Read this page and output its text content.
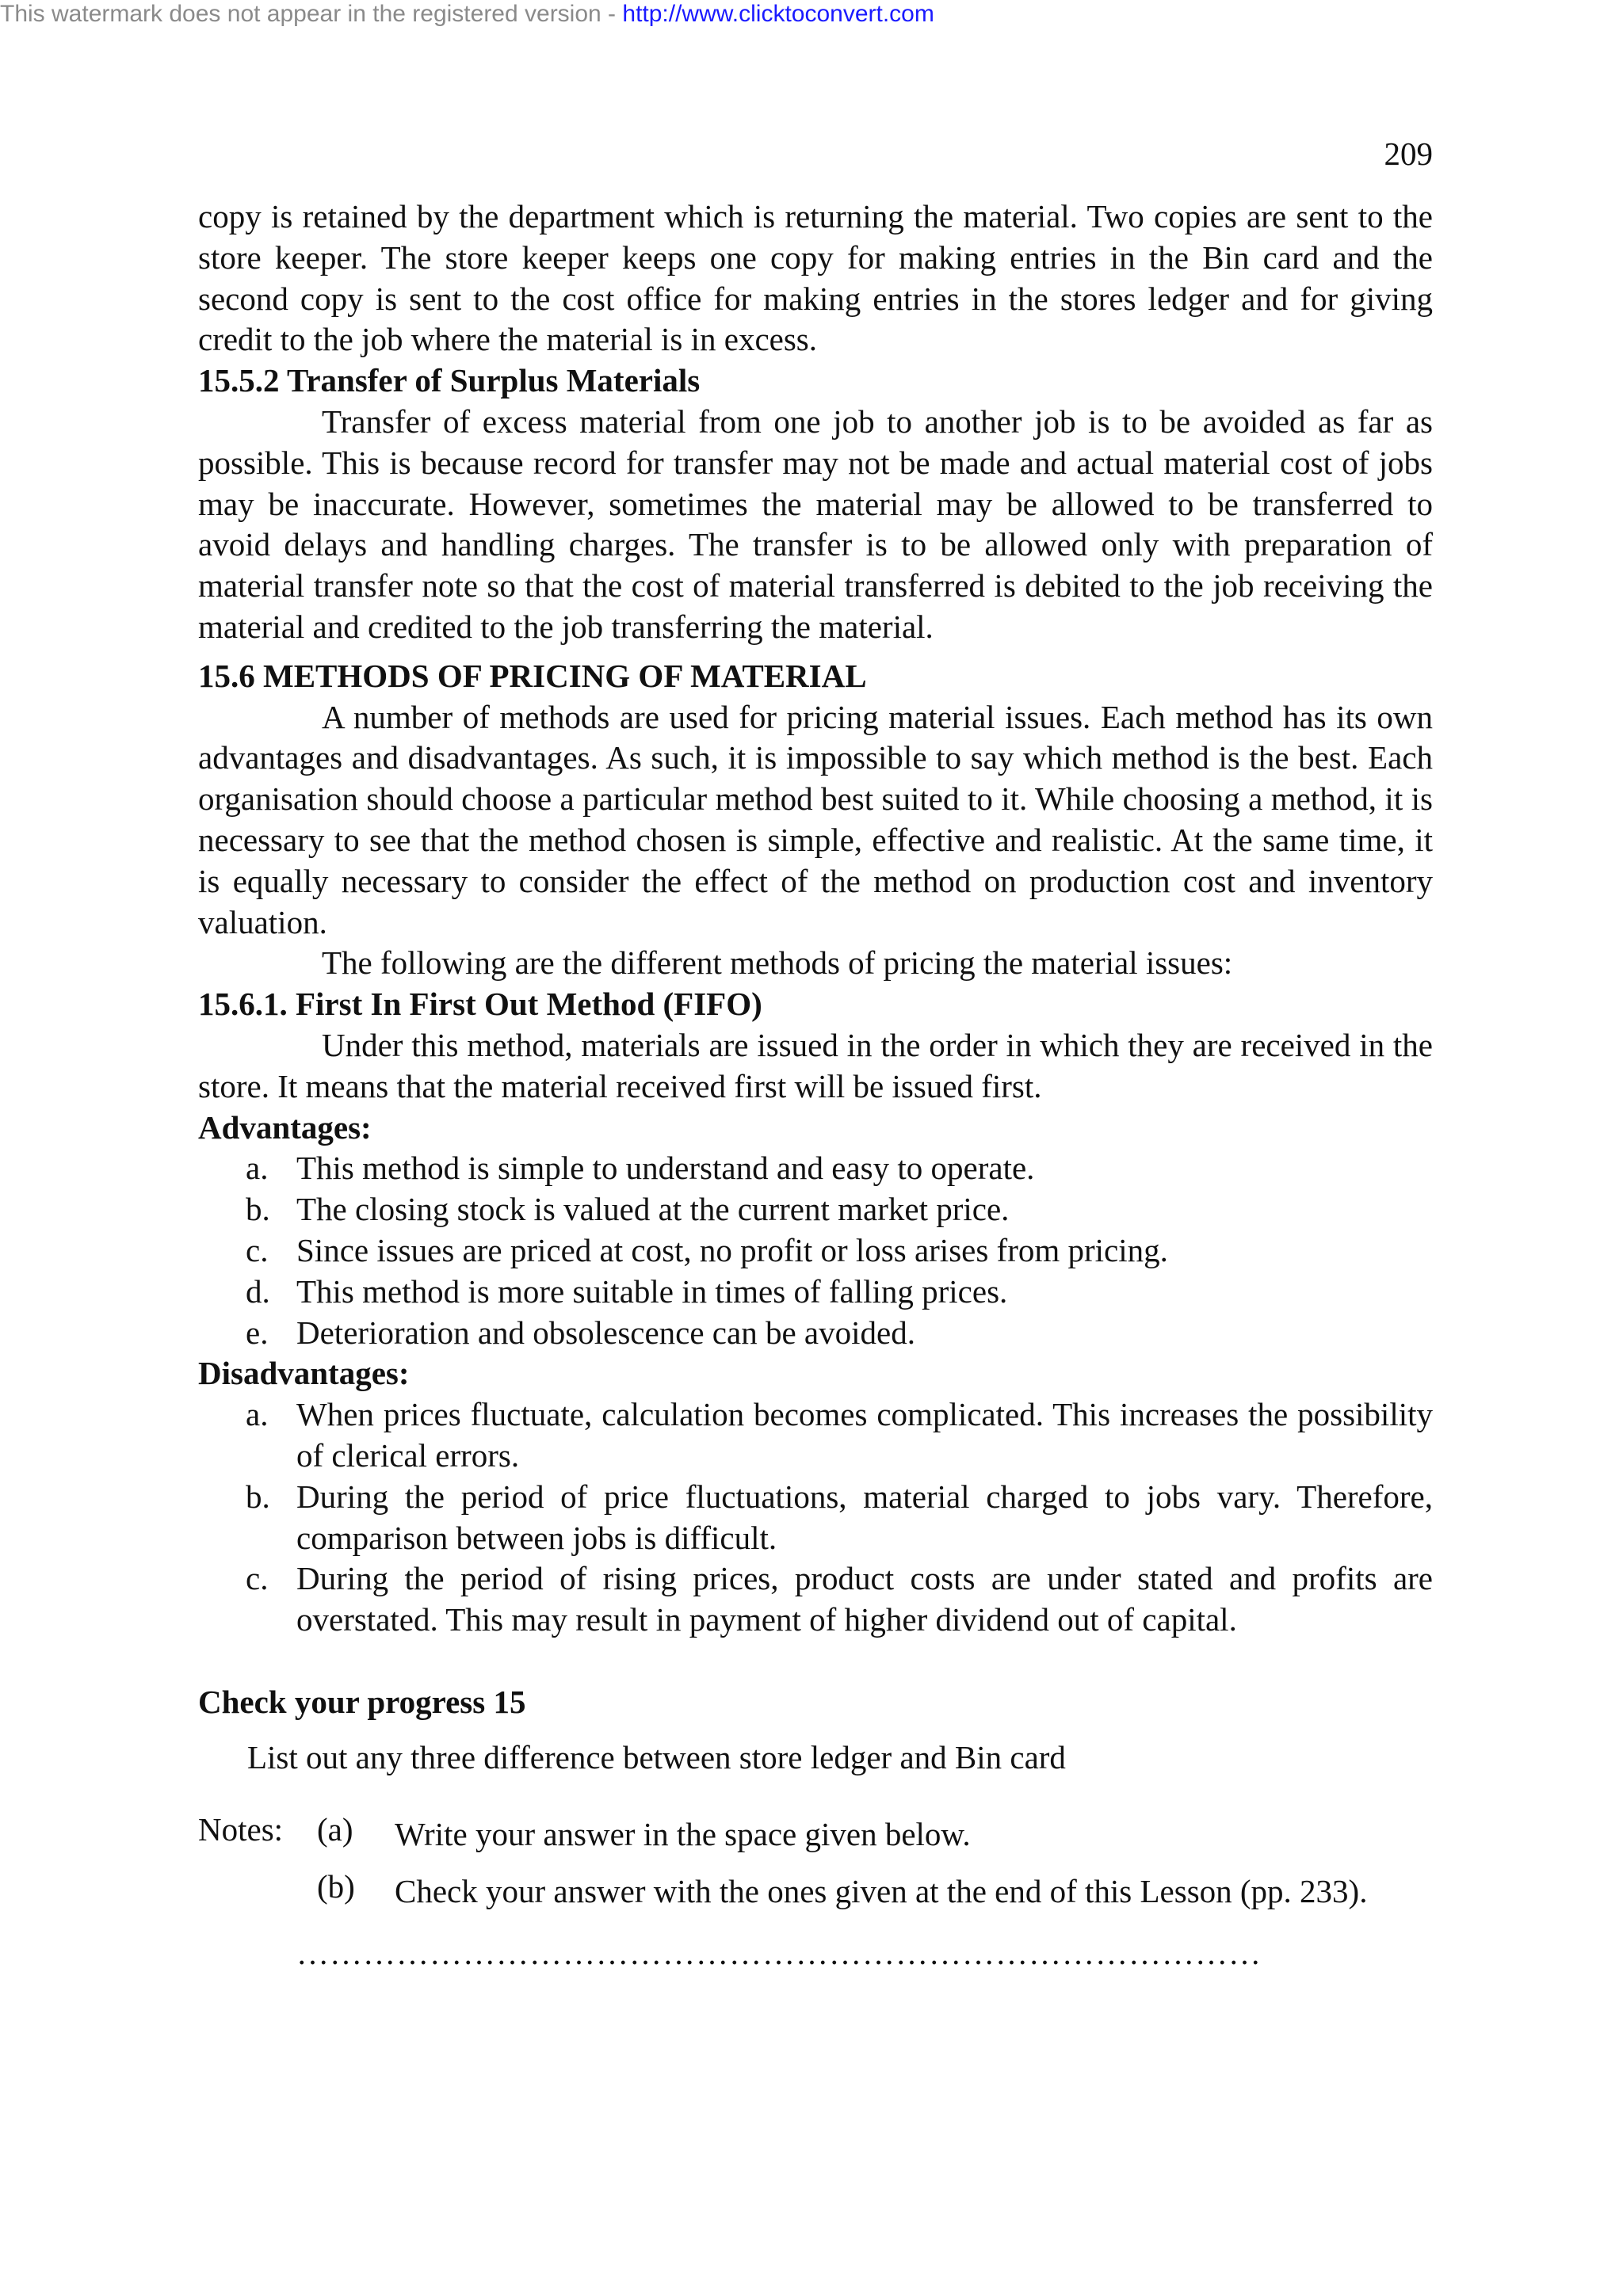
This watermark does not appear in the registered version - http://www.clicktoconvert.com
209

copy is retained by the department which is returning the material. Two copies are sent to the store keeper. The store keeper keeps one copy for making entries in the Bin card and the second copy is sent to the cost office for making entries in the stores ledger and for giving credit to the job where the material is in excess.

15.5.2 Transfer of Surplus Materials

Transfer of excess material from one job to another job is to be avoided as far as possible. This is because record for transfer may not be made and actual material cost of jobs may be inaccurate. However, sometimes the material may be allowed to be transferred to avoid delays and handling charges. The transfer is to be allowed only with preparation of material transfer note so that the cost of material transferred is debited to the job receiving the material and credited to the job transferring the material.

15.6 METHODS OF PRICING OF MATERIAL

A number of methods are used for pricing material issues. Each method has its own advantages and disadvantages. As such, it is impossible to say which method is the best. Each organisation should choose a particular method best suited to it. While choosing a method, it is necessary to see that the method chosen is simple, effective and realistic. At the same time, it is equally necessary to consider the effect of the method on production cost and inventory valuation.

The following are the different methods of pricing the material issues:

15.6.1. First In First Out Method (FIFO)

Under this method, materials are issued in the order in which they are received in the store. It means that the material received first will be issued first.

Advantages:
a. This method is simple to understand and easy to operate.
b. The closing stock is valued at the current market price.
c. Since issues are priced at cost, no profit or loss arises from pricing.
d. This method is more suitable in times of falling prices.
e. Deterioration and obsolescence can be avoided.
Disadvantages:
a. When prices fluctuate, calculation becomes complicated. This increases the possibility of clerical errors.
b. During the period of price fluctuations, material charged to jobs vary. Therefore, comparison between jobs is difficult.
c. During the period of rising prices, product costs are under stated and profits are overstated. This may result in payment of higher dividend out of capital.
Check your progress 15
List out any three difference between store ledger and Bin card
Notes: (a) Write your answer in the space given below.
(b) Check your answer with the ones given at the end of this Lesson (pp. 233).
……………………………………………………………………………
